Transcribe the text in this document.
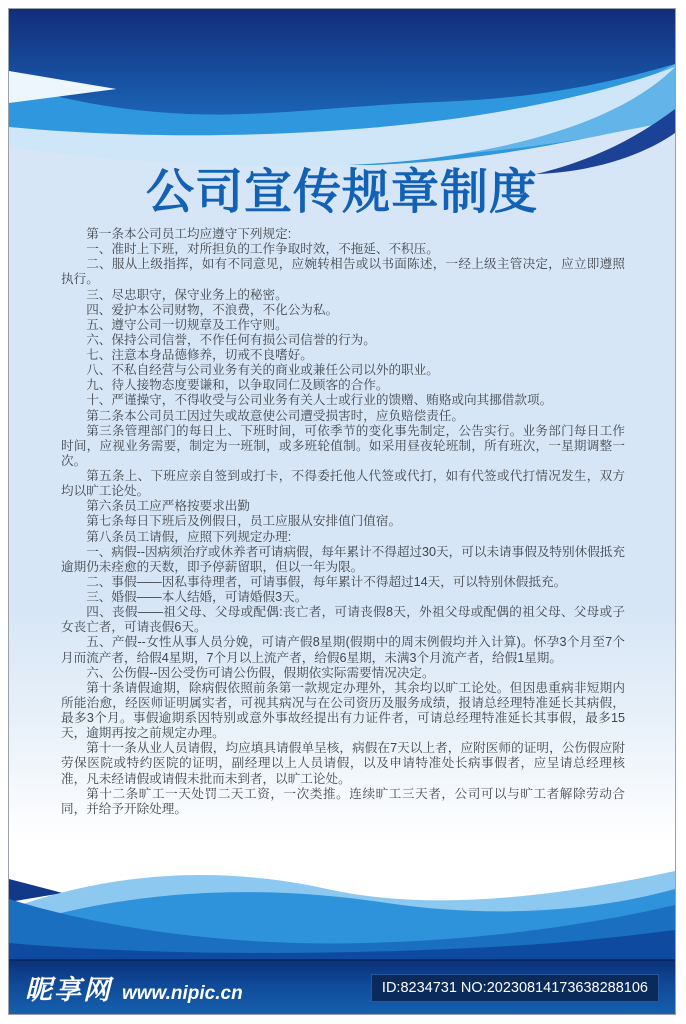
公司宣传规章制度

第一条本公司员工均应遵守下列规定:

一、准时上下班，对所担负的工作争取时效，不拖延、不积压。

二、服从上级指挥，如有不同意见，应婉转相告或以书面陈述，一经上级主管决定，应立即遵照执行。

三、尽忠职守，保守业务上的秘密。

四、爱护本公司财物，不浪费，不化公为私。

五、遵守公司一切规章及工作守则。

六、保持公司信誉，不作任何有损公司信誉的行为。

七、注意本身品德修养，切戒不良嗜好。

八、不私自经营与公司业务有关的商业或兼任公司以外的职业。

九、待人接物态度要谦和，以争取同仁及顾客的合作。

十、严谨操守，不得收受与公司业务有关人士或行业的馈赠、贿赂或向其挪借款项。

第二条本公司员工因过失或故意使公司遭受损害时，应负赔偿责任。

第三条管理部门的每日上、下班时间，可依季节的变化事先制定，公告实行。业务部门每日工作时间，应视业务需要，制定为一班制，或多班轮值制。如采用昼夜轮班制，所有班次，一星期调整一次。

第五条上、下班应亲自签到或打卡，不得委托他人代签或代打，如有代签或代打情况发生，双方均以旷工论处。

第六条员工应严格按要求出勤

第七条每日下班后及例假日，员工应服从安排值门值宿。

第八条员工请假，应照下列规定办理:

一、病假--因病须治疗或休养者可请病假，每年累计不得超过30天，可以未请事假及特别休假抵充逾期仍未痊愈的天数，即予停薪留职，但以一年为限。

二、事假——因私事待理者，可请事假，每年累计不得超过14天，可以特别休假抵充。

三、婚假——本人结婚，可请婚假3天。

四、丧假——祖父母、父母或配偶:丧亡者，可请丧假8天，外祖父母或配偶的祖父母、父母或子女丧亡者，可请丧假6天。

五、产假--女性从事人员分娩，可请产假8星期(假期中的周末例假均并入计算)。怀孕3个月至7个月而流产者，给假4星期，7个月以上流产者，给假6星期，未满3个月流产者，给假1星期。

六、公伤假--因公受伤可请公伤假，假期依实际需要情况决定。

第十条请假逾期，除病假依照前条第一款规定办理外，其余均以旷工论处。但因患重病非短期内所能治愈，经医师证明属实者，可视其病况与在公司资历及服务成绩，报请总经理特准延长其病假，最多3个月。事假逾期系因特别或意外事故经提出有力证件者，可请总经理特准延长其事假，最多15天，逾期再按之前规定办理。

第十一条从业人员请假，均应填具请假单呈核，病假在7天以上者，应附医师的证明，公伤假应附劳保医院或特约医院的证明，副经理以上人员请假，以及申请特准处长病事假者，应呈请总经理核准，凡未经请假或请假未批而未到者，以旷工论处。

第十二条旷工一天处罚二天工资，一次类推。连续旷工三天者，公司可以与旷工者解除劳动合同，并给予开除处理。

昵享网 www.nipic.cn	ID:8234731 NO:20230814173638288106
